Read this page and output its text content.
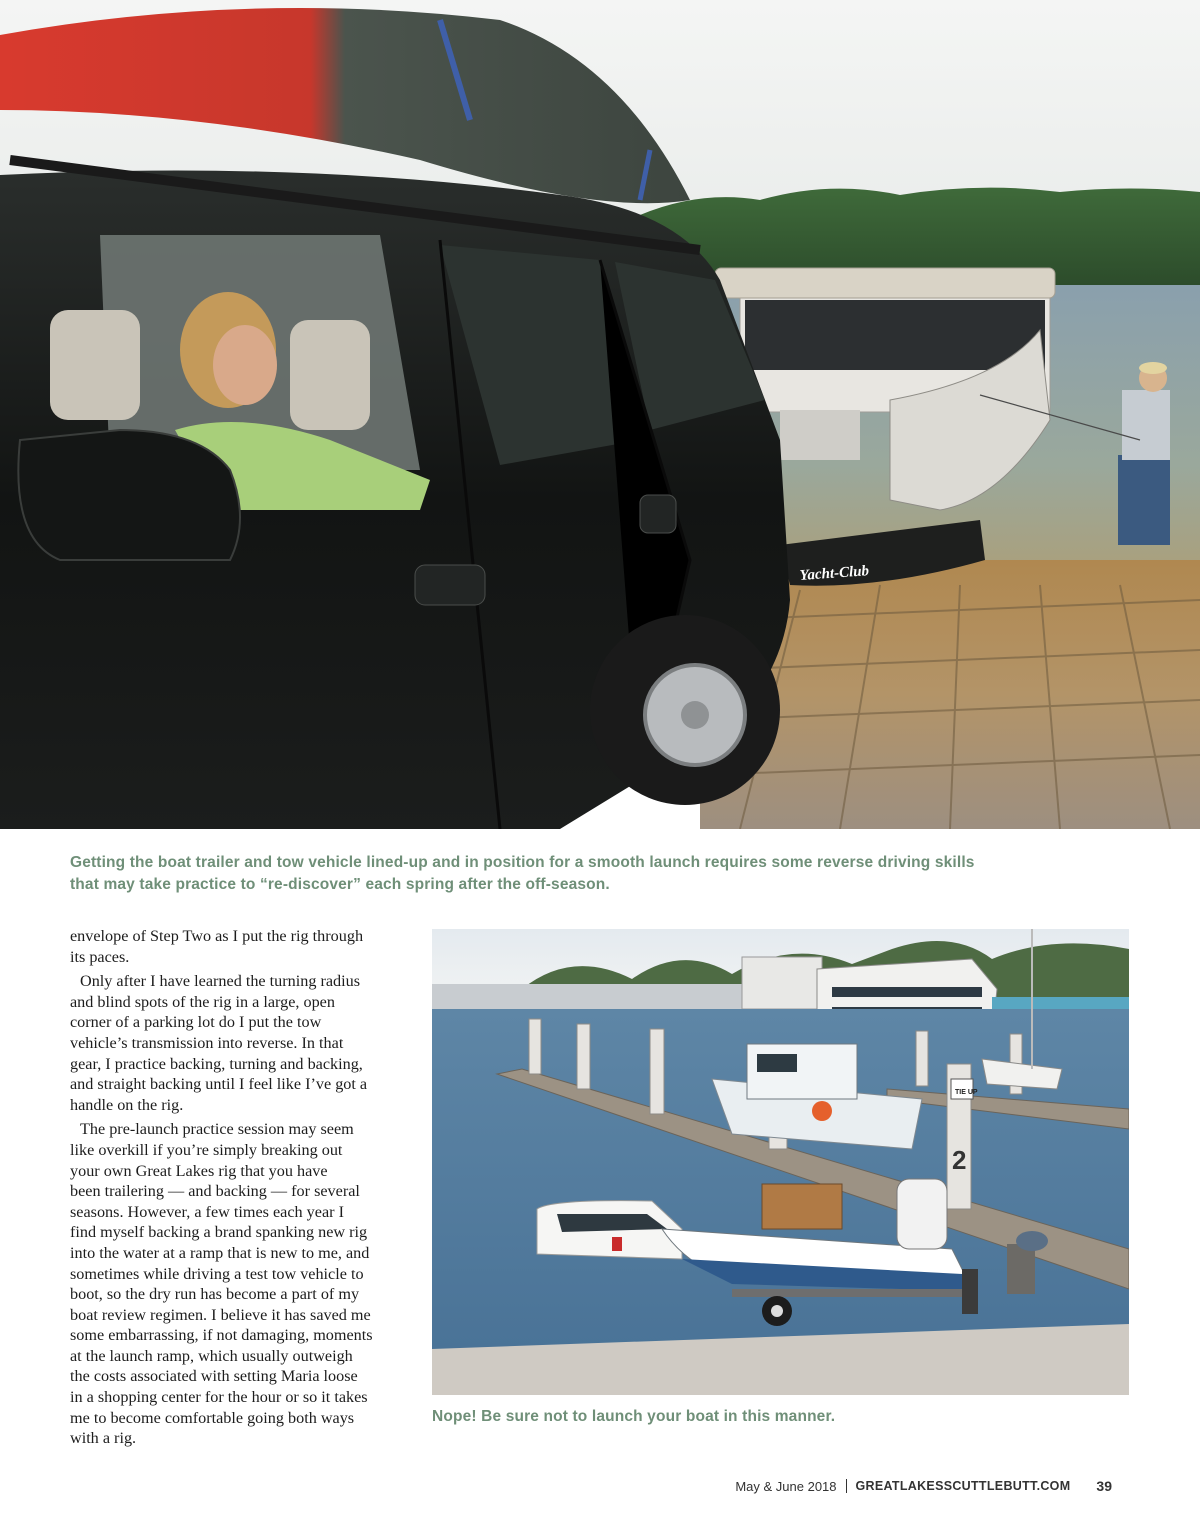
Yacht-Club
Getting the boat trailer and tow vehicle lined-up and in position for a smooth launch requires some reverse driving skills
that may take practice to “re-discover” each spring after the off-season.

envelope of Step Two as I put the rig through
its paces.

Only after I have learned the turning radius
and blind spots of the rig in a large, open
corner of a parking lot do I put the tow
vehicle’s transmission into reverse. In that
gear, I practice backing, turning and backing,
and straight backing until I feel like I’ve got a
handle on the rig.

The pre-launch practice session may seem
like overkill if you’re simply breaking out
your own Great Lakes rig that you have
been trailering — and backing — for several
seasons. However, a few times each year I
find myself backing a brand spanking new rig
into the water at a ramp that is new to me, and
sometimes while driving a test tow vehicle to
boot, so the dry run has become a part of my
boat review regimen. I believe it has saved me
some embarrassing, if not damaging, moments
at the launch ramp, which usually outweigh
the costs associated with setting Maria loose
in a shopping center for the hour or so it takes
me to become comfortable going both ways
with a rig.

TIE UP
2
Nope! Be sure not to launch your boat in this manner.
May & June 2018 GREATLAKESSCUTTLEBUTT.COM 39
